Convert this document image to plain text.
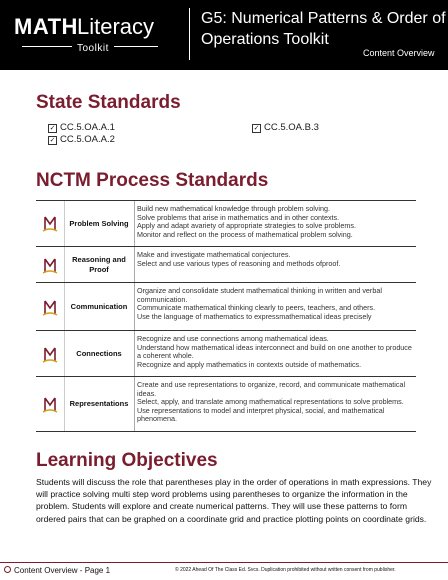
MATH Literacy
Toolkit
G5: Numerical Patterns & Order of Operations Toolkit
Content Overview
State Standards
✓ CC.5.OA.A.1
✓ CC.5.OA.A.2
✓ CC.5.OA.B.3
NCTM Process Standards
Problem Solving
Build new mathematical knowledge through problem solving.
Solve problems that arise in mathematics and in other contexts.
Apply and adapt avariety of appropriate strategies to solve problems.
Monitor and reflect on the process of mathematical problem solving.
Reasoning and Proof
Make and investigate mathematical conjectures.
Select and use various types of reasoning and methods ofproof.
Communication
Organize and consolidate student mathematical thinking in written and verbal communication.
Communicate mathematical thinking clearly to peers, teachers, and others.
Use the language of mathematics to expressmathematical ideas precisely
Connections
Recognize and use connections among mathematical ideas.
Understand how mathematical ideas interconnect and build on one another to produce a coherent whole.
Recognize and apply mathematics in contexts outside of mathematics.
Representations
Create and use representations to organize, record, and communicate mathematical ideas.
Select, apply, and translate among mathematical representations to solve problems.
Use representations to model and interpret physical, social, and mathematical phenomena.
Learning Objectives
Students will discuss the role that parentheses play in the order of operations in math expressions. They will practice solving multi step word problems using parentheses to organize the information in the problem. Students will explore and create numerical patterns. They will use these patterns to form ordered pairs that can be graphed on a coordinate grid and practice plotting points on coordinate grids.
Content Overview - Page 1	© 2022 Ahead Of The Class Ed. Svcs. Duplication prohibited without written consent from publisher.
